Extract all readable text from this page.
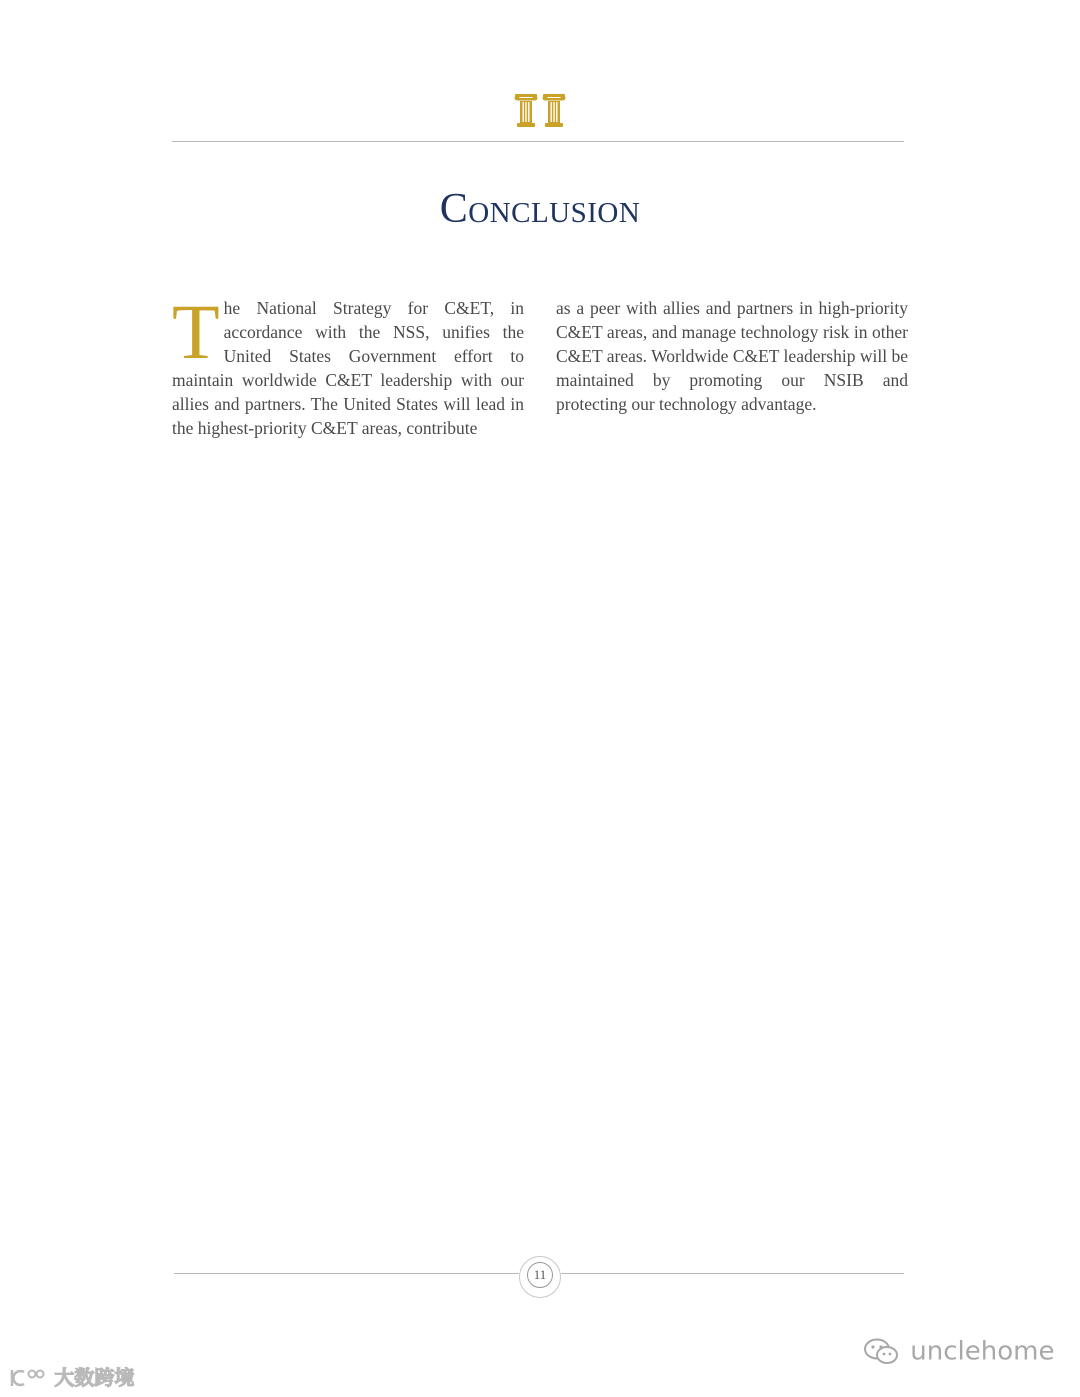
Conclusion

The National Strategy for C&ET, in accordance with the NSS, unifies the United States Government effort to maintain worldwide C&ET leadership with our allies and partners. The United States will lead in the highest-priority C&ET areas, contribute

as a peer with allies and partners in high-priority C&ET areas, and manage technology risk in other C&ET areas. Worldwide C&ET leadership will be maintained by promoting our NSIB and protecting our technology advantage.

11
unclehome
大数跨境
